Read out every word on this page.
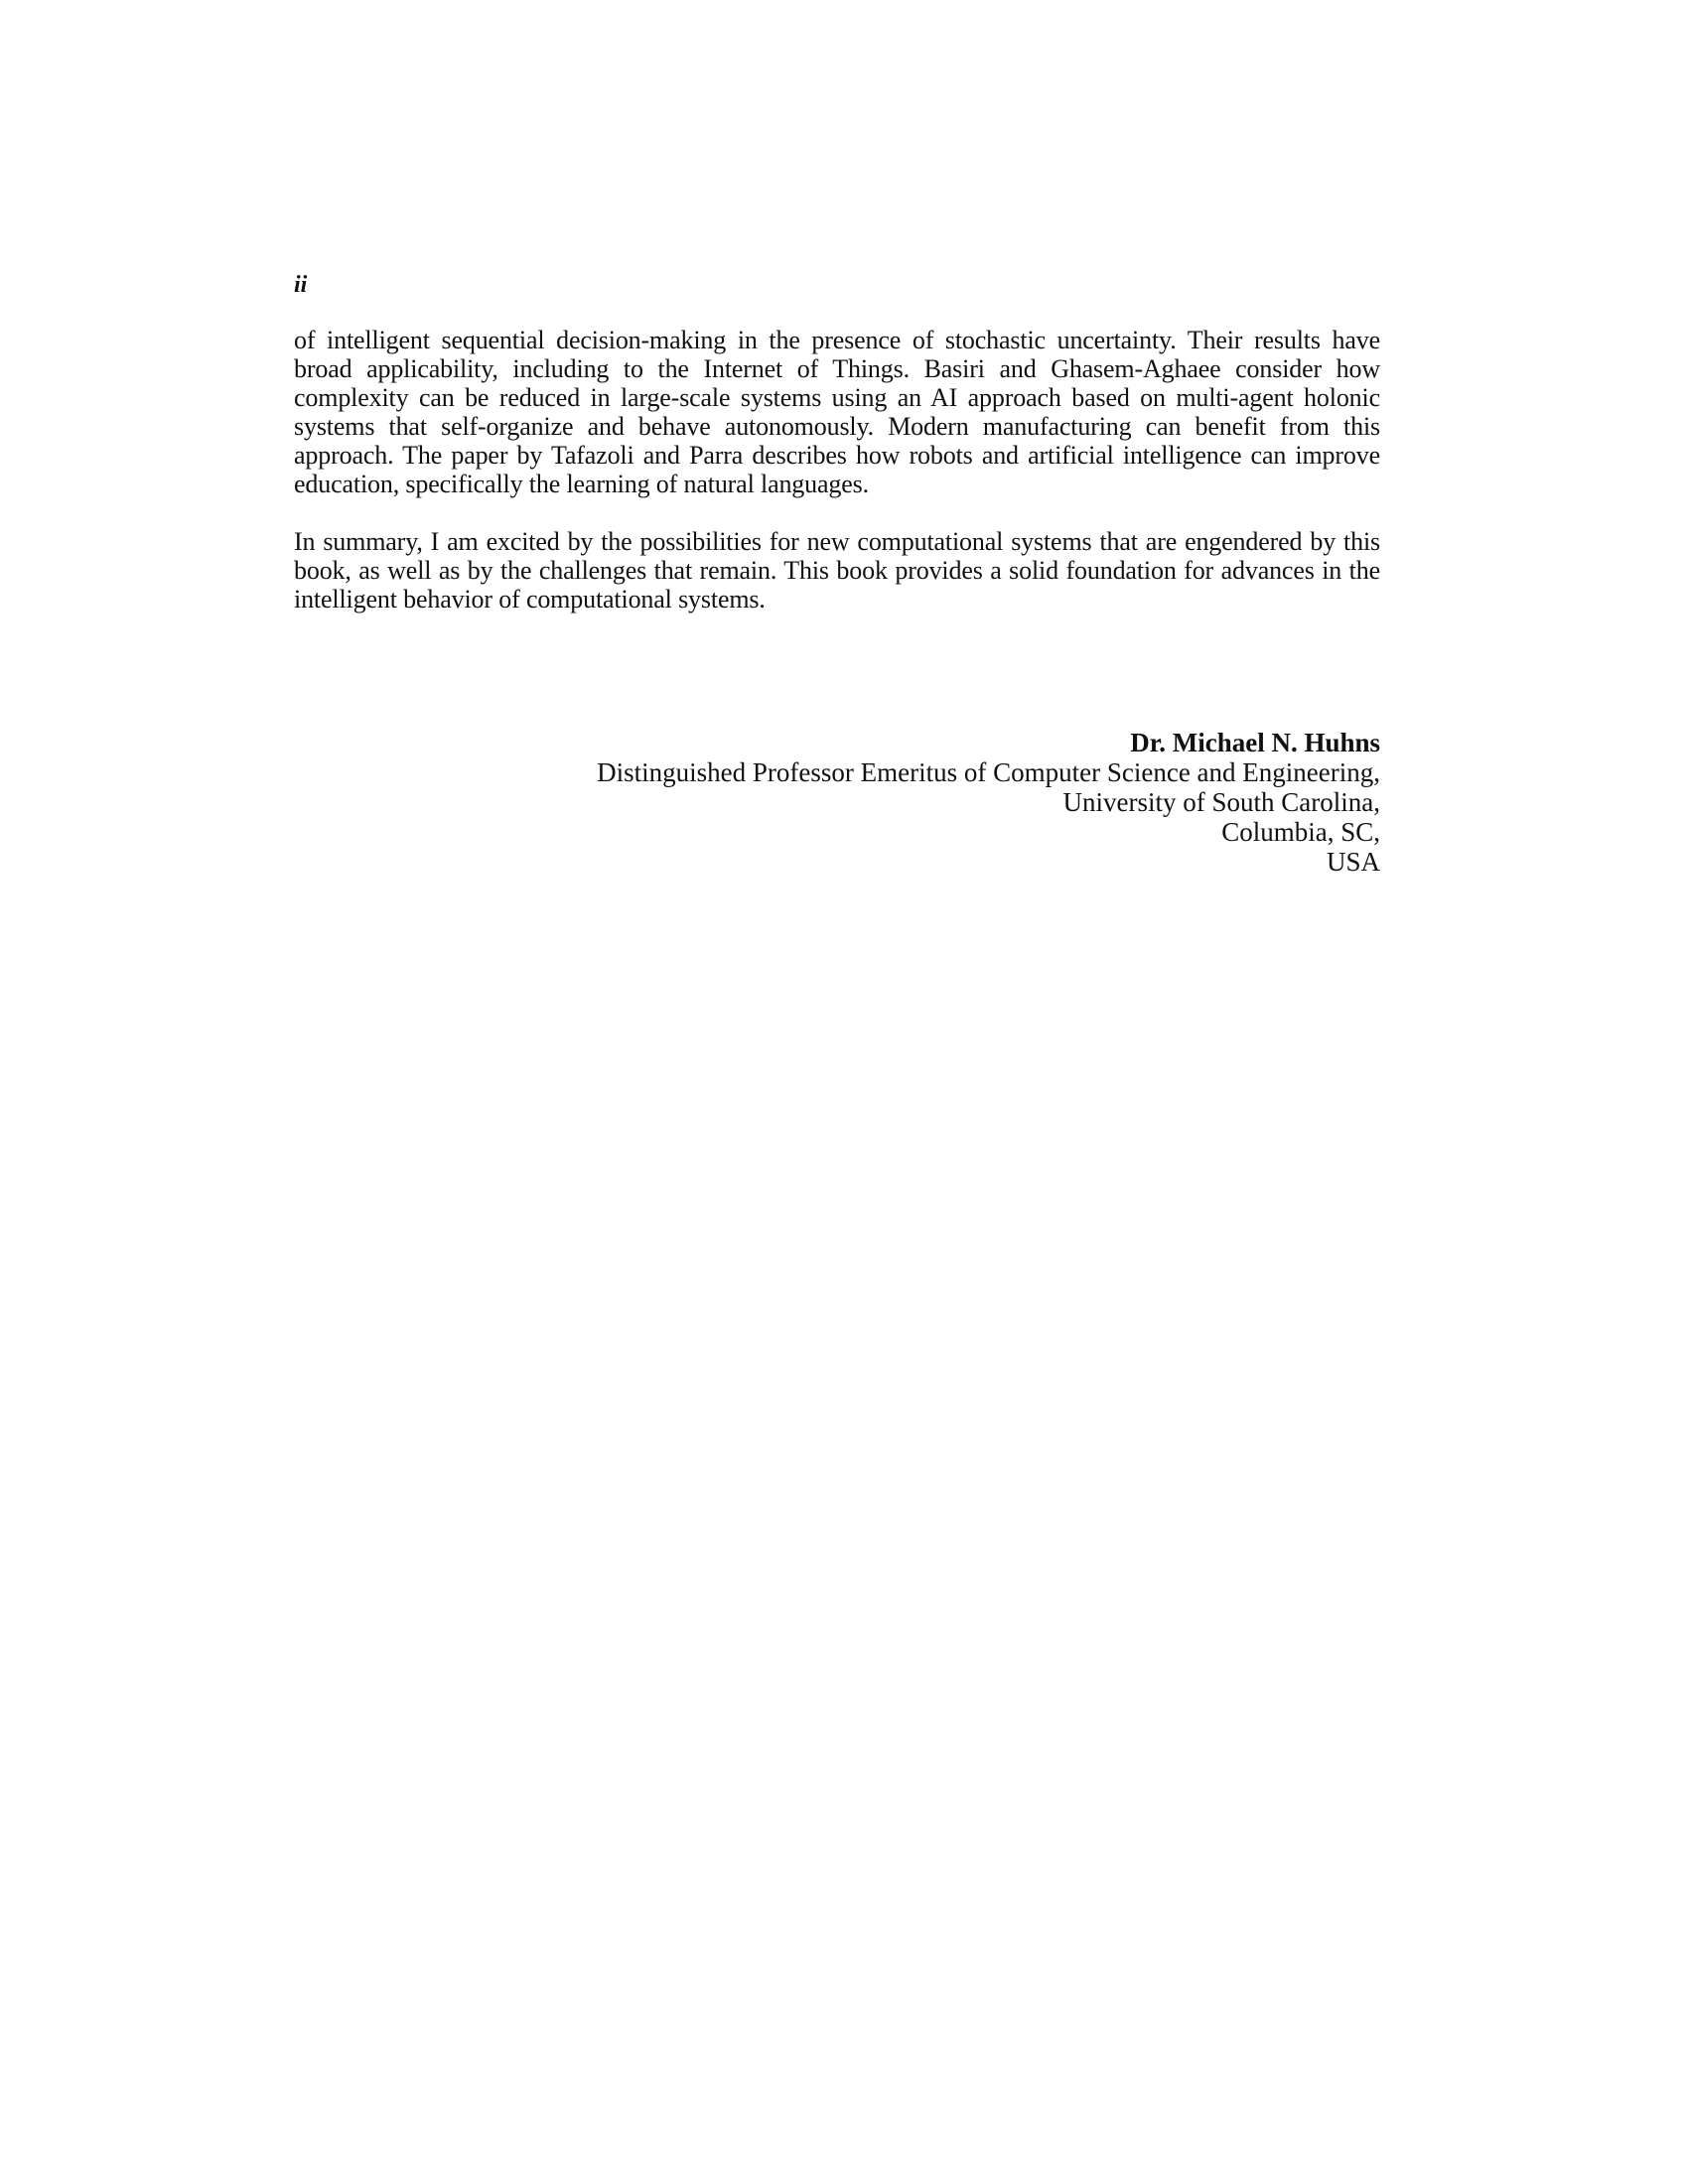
ii

of intelligent sequential decision-making in the presence of stochastic uncertainty. Their results have broad applicability, including to the Internet of Things. Basiri and Ghasem-Aghaee consider how complexity can be reduced in large-scale systems using an AI approach based on multi-agent holonic systems that self-organize and behave autonomously. Modern manufacturing can benefit from this approach. The paper by Tafazoli and Parra describes how robots and artificial intelligence can improve education, specifically the learning of natural languages.

In summary, I am excited by the possibilities for new computational systems that are engendered by this book, as well as by the challenges that remain. This book provides a solid foundation for advances in the intelligent behavior of computational systems.

Dr. Michael N. Huhns
Distinguished Professor Emeritus of Computer Science and Engineering,
University of South Carolina,
Columbia, SC,
USA
